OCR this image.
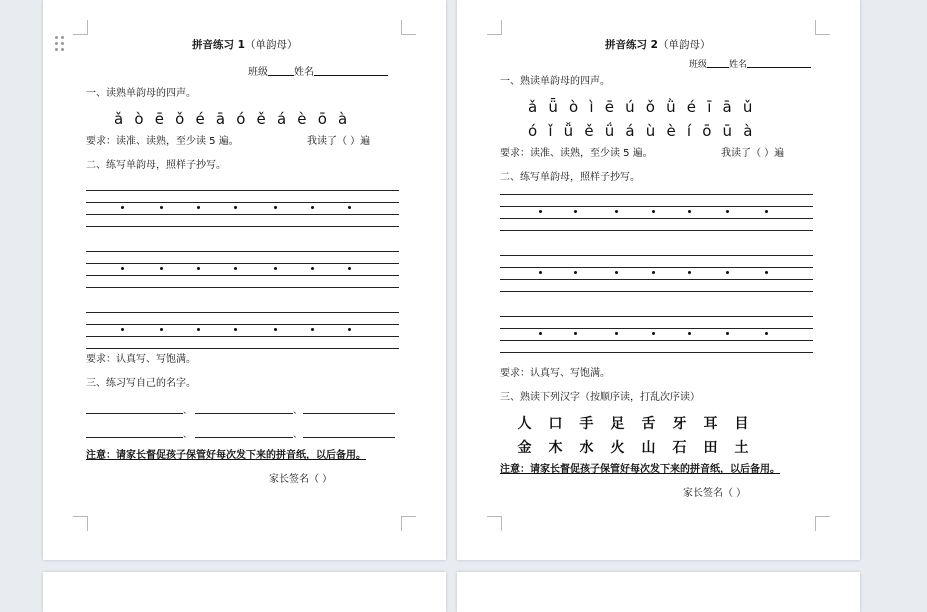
拼音练习 1（单韵母）
班级	姓名
一、读熟单韵母的四声。
ǎ ò ē ǒ é ā ó ě á è ō à
要求：读准、读熟，至少读 5 遍。	我读了（ ）遍
二、练写单韵母，照样子抄写。
要求：认真写、写饱满。
三、练习写自己的名字。
、	、
、	、
注意：请家长督促孩子保管好每次发下来的拼音纸，以后备用。
家长签名（ ）
拼音练习 2（单韵母）
班级 姓名
一、熟读单韵母的四声。
ǎ ǖ ò ì ē ú ǒ ǜ é ī ā ǔ
ó ǐ ǚ ě ǘ á ù è í ō ū à
要求：读准、读熟，至少读 5 遍。	我读了（ ）遍
二、练写单韵母，照样子抄写。
要求：认真写、写饱满。
三、熟读下列汉字（按顺序读，打乱次序读）
人 口 手 足 舌 牙 耳 目
金 木 水 火 山 石 田 土
注意：请家长督促孩子保管好每次发下来的拼音纸，以后备用。
家长签名（ ）
